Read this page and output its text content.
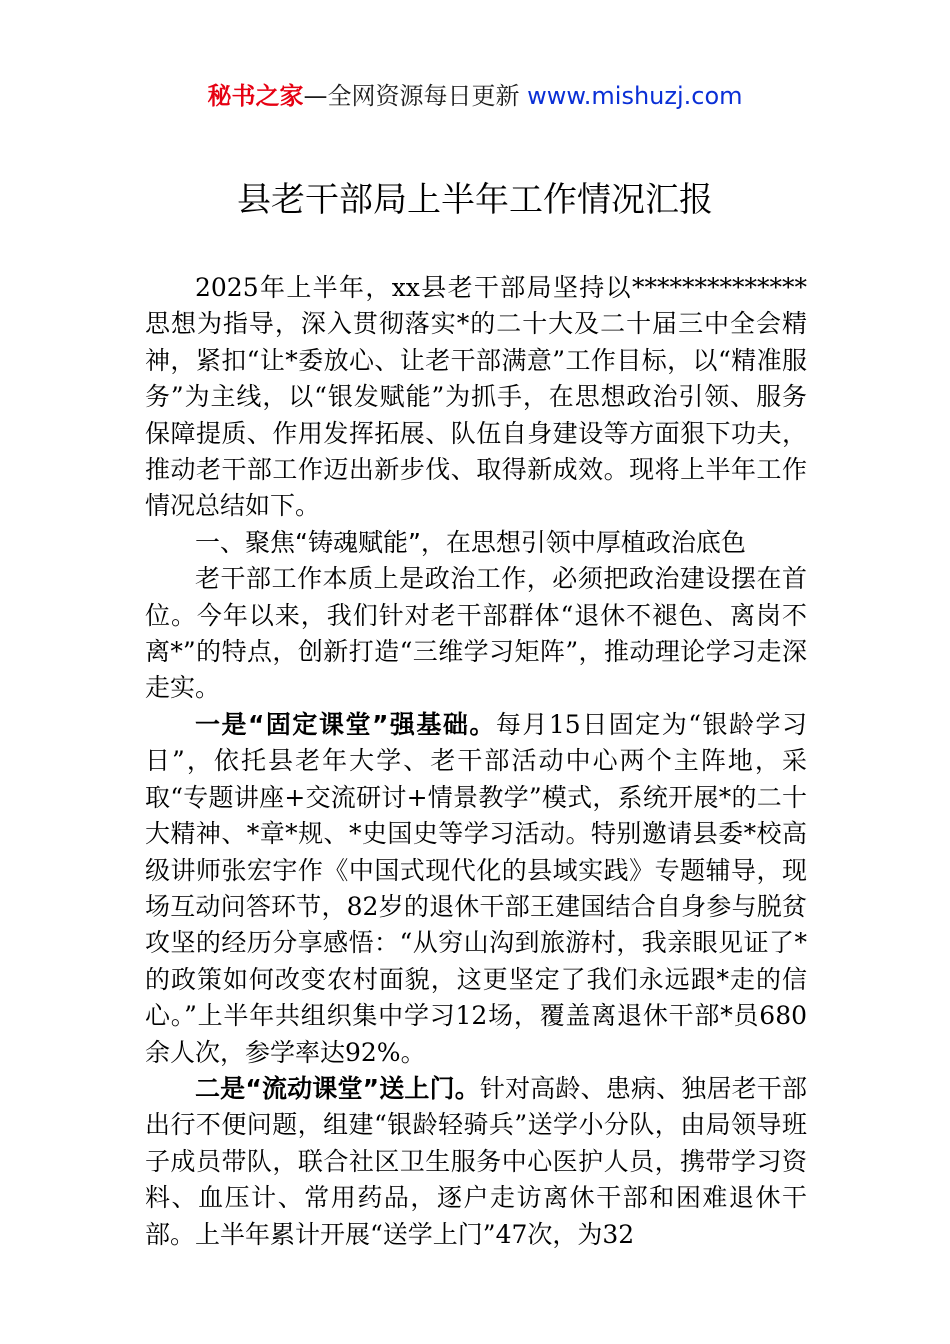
秘书之家—全网资源每日更新 www.mishuzj.com
县老干部局上半年工作情况汇报

2025年上半年，xx县老干部局坚持以**************思想为指导，深入贯彻落实*的二十大及二十届三中全会精神，紧扣“让*委放心、让老干部满意”工作目标，以“精准服务”为主线，以“银发赋能”为抓手，在思想政治引领、服务保障提质、作用发挥拓展、队伍自身建设等方面狠下功夫，推动老干部工作迈出新步伐、取得新成效。现将上半年工作情况总结如下。

一、聚焦“铸魂赋能”，在思想引领中厚植政治底色

老干部工作本质上是政治工作，必须把政治建设摆在首位。今年以来，我们针对老干部群体“退休不褪色、离岗不离*”的特点，创新打造“三维学习矩阵”，推动理论学习走深走实。

一是“固定课堂”强基础。每月15日固定为“银龄学习日”，依托县老年大学、老干部活动中心两个主阵地，采取“专题讲座+交流研讨+情景教学”模式，系统开展*的二十大精神、*章*规、*史国史等学习活动。特别邀请县委*校高级讲师张宏宇作《中国式现代化的县域实践》专题辅导，现场互动问答环节，82岁的退休干部王建国结合自身参与脱贫攻坚的经历分享感悟：“从穷山沟到旅游村，我亲眼见证了*的政策如何改变农村面貌，这更坚定了我们永远跟*走的信心。”上半年共组织集中学习12场，覆盖离退休干部*员680余人次，参学率达92%。

二是“流动课堂”送上门。针对高龄、患病、独居老干部出行不便问题，组建“银龄轻骑兵”送学小分队，由局领导班子成员带队，联合社区卫生服务中心医护人员，携带学习资料、血压计、常用药品，逐户走访离休干部和困难退休干部。上半年累计开展“送学上门”47次，为32
